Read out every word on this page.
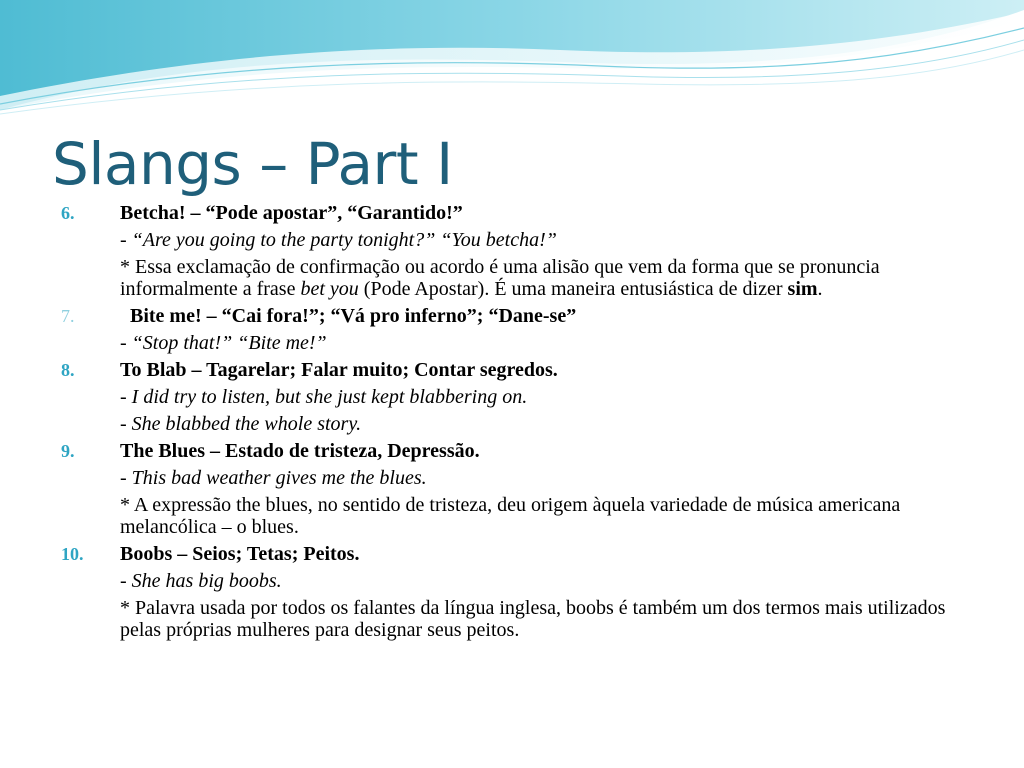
Slangs – Part I
6. Betcha! – “Pode apostar”, “Garantido!”
- “Are you going to the party tonight?” “You betcha!”
* Essa exclamação de confirmação ou acordo é uma alisão que vem da forma que se pronuncia informalmente a frase bet you (Pode Apostar). É uma maneira entusiástica de dizer sim.
7.	Bite me! – “Cai fora!”; “Vá pro inferno”; “Dane-se”
- “Stop that!” “Bite me!”
8. To Blab – Tagarelar; Falar muito; Contar segredos.
- I did try to listen, but she just kept blabbering on.
- She blabbed the whole story.
9. The Blues – Estado de tristeza, Depressão.
- This bad weather gives me the blues.
* A expressão the blues, no sentido de tristeza, deu origem àquela variedade de música americana melancólica – o blues.
10. Boobs – Seios; Tetas; Peitos.
- She has big boobs.
* Palavra usada por todos os falantes da língua inglesa, boobs é também um dos termos mais utilizados pelas próprias mulheres para designar seus peitos.
